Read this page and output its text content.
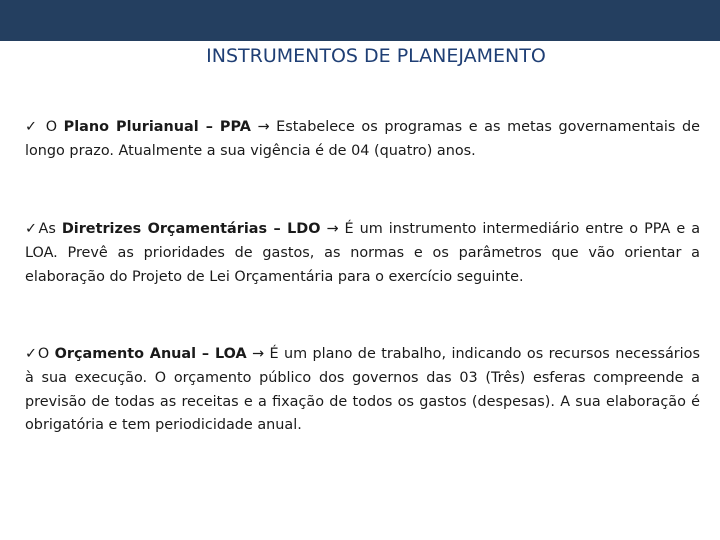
INSTRUMENTOS DE PLANEJAMENTO
✓ O Plano Plurianual – PPA → Estabelece os programas e as metas governamentais de longo prazo. Atualmente a sua vigência é de 04 (quatro) anos.
✓As Diretrizes Orçamentárias – LDO → É um instrumento intermediário entre o PPA e a LOA. Prevê as prioridades de gastos, as normas e os parâmetros que vão orientar a elaboração do Projeto de Lei Orçamentária para o exercício seguinte.
✓O Orçamento Anual – LOA → É um plano de trabalho, indicando os recursos necessários à sua execução. O orçamento público dos governos das 03 (Três) esferas compreende a previsão de todas as receitas e a fixação de todos os gastos (despesas). A sua elaboração é obrigatória e tem periodicidade anual.
